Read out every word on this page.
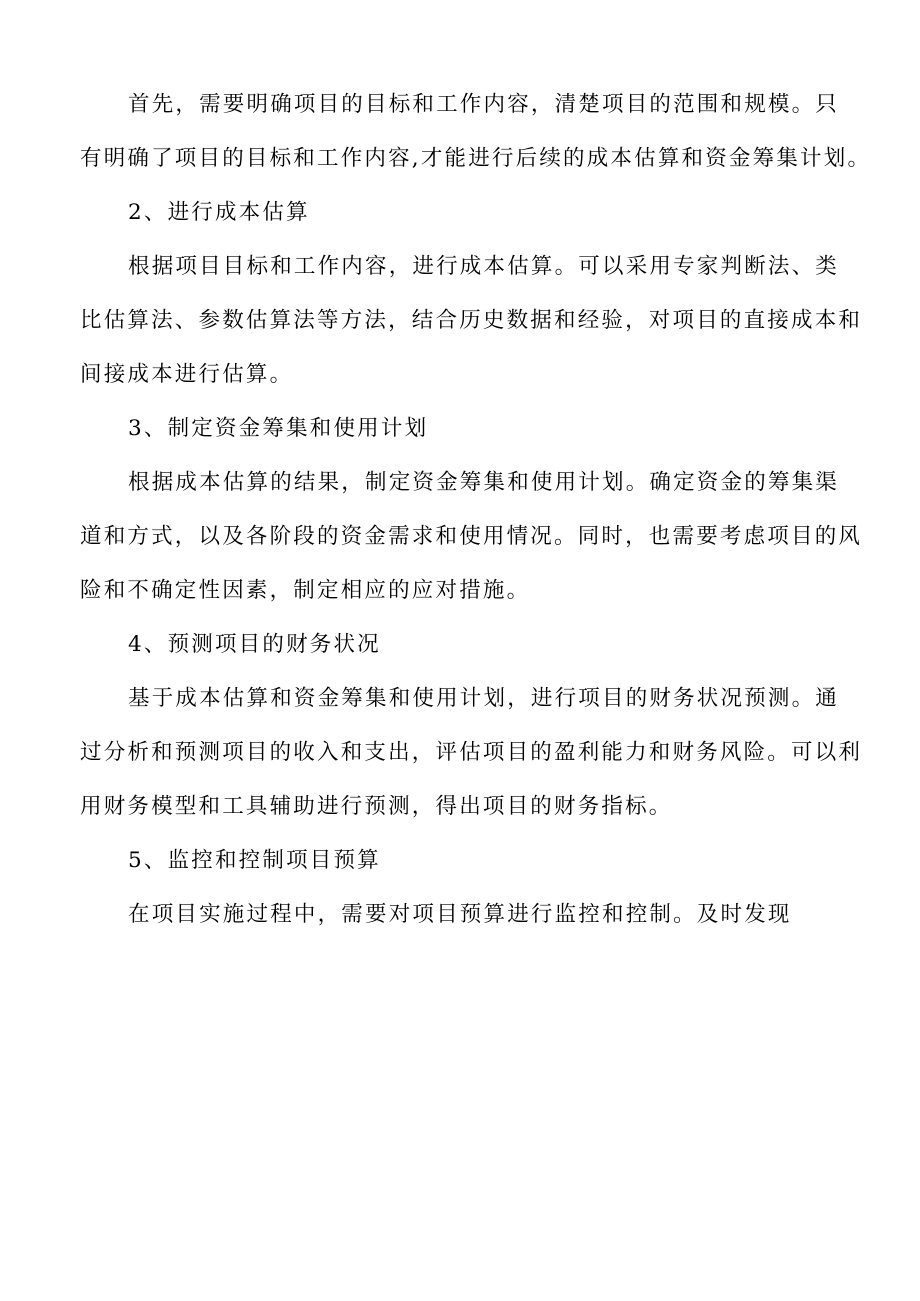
首先，需要明确项目的目标和工作内容，清楚项目的范围和规模。只
有明确了项目的目标和工作内容,才能进行后续的成本估算和资金筹集计划。
2、进行成本估算
根据项目目标和工作内容，进行成本估算。可以采用专家判断法、类
比估算法、参数估算法等方法，结合历史数据和经验，对项目的直接成本和
间接成本进行估算。
3、制定资金筹集和使用计划
根据成本估算的结果，制定资金筹集和使用计划。确定资金的筹集渠
道和方式，以及各阶段的资金需求和使用情况。同时，也需要考虑项目的风
险和不确定性因素，制定相应的应对措施。
4、预测项目的财务状况
基于成本估算和资金筹集和使用计划，进行项目的财务状况预测。通
过分析和预测项目的收入和支出，评估项目的盈利能力和财务风险。可以利
用财务模型和工具辅助进行预测，得出项目的财务指标。
5、监控和控制项目预算
在项目实施过程中，需要对项目预算进行监控和控制。及时发现
